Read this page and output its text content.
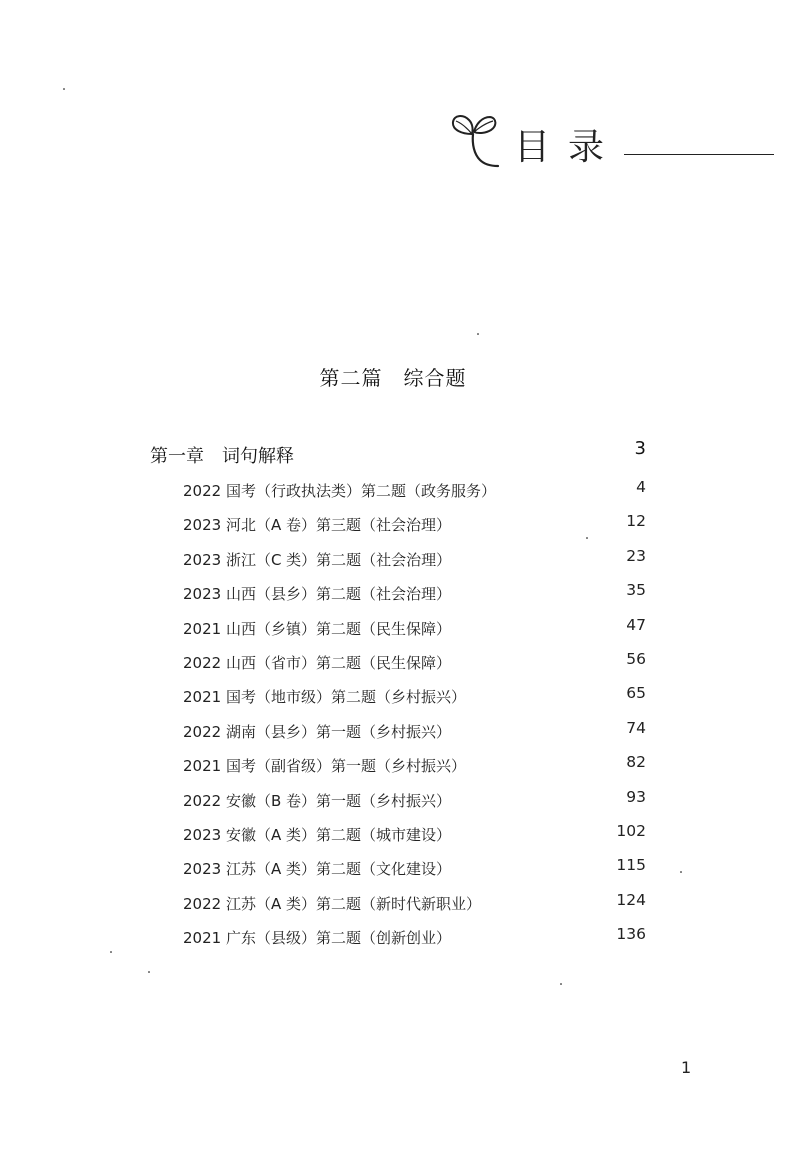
目录
第二篇　综合题
第一章　词句解释	3
2022 国考（行政执法类）第二题（政务服务）	4
2023 河北（A 卷）第三题（社会治理）	12
2023 浙江（C 类）第二题（社会治理）	23
2023 山西（县乡）第二题（社会治理）	35
2021 山西（乡镇）第二题（民生保障）	47
2022 山西（省市）第二题（民生保障）	56
2021 国考（地市级）第二题（乡村振兴）	65
2022 湖南（县乡）第一题（乡村振兴）	74
2021 国考（副省级）第一题（乡村振兴）	82
2022 安徽（B 卷）第一题（乡村振兴）	93
2023 安徽（A 类）第二题（城市建设）	102
2023 江苏（A 类）第二题（文化建设）	115
2022 江苏（A 类）第二题（新时代新职业）	124
2021 广东（县级）第二题（创新创业）	136
1
